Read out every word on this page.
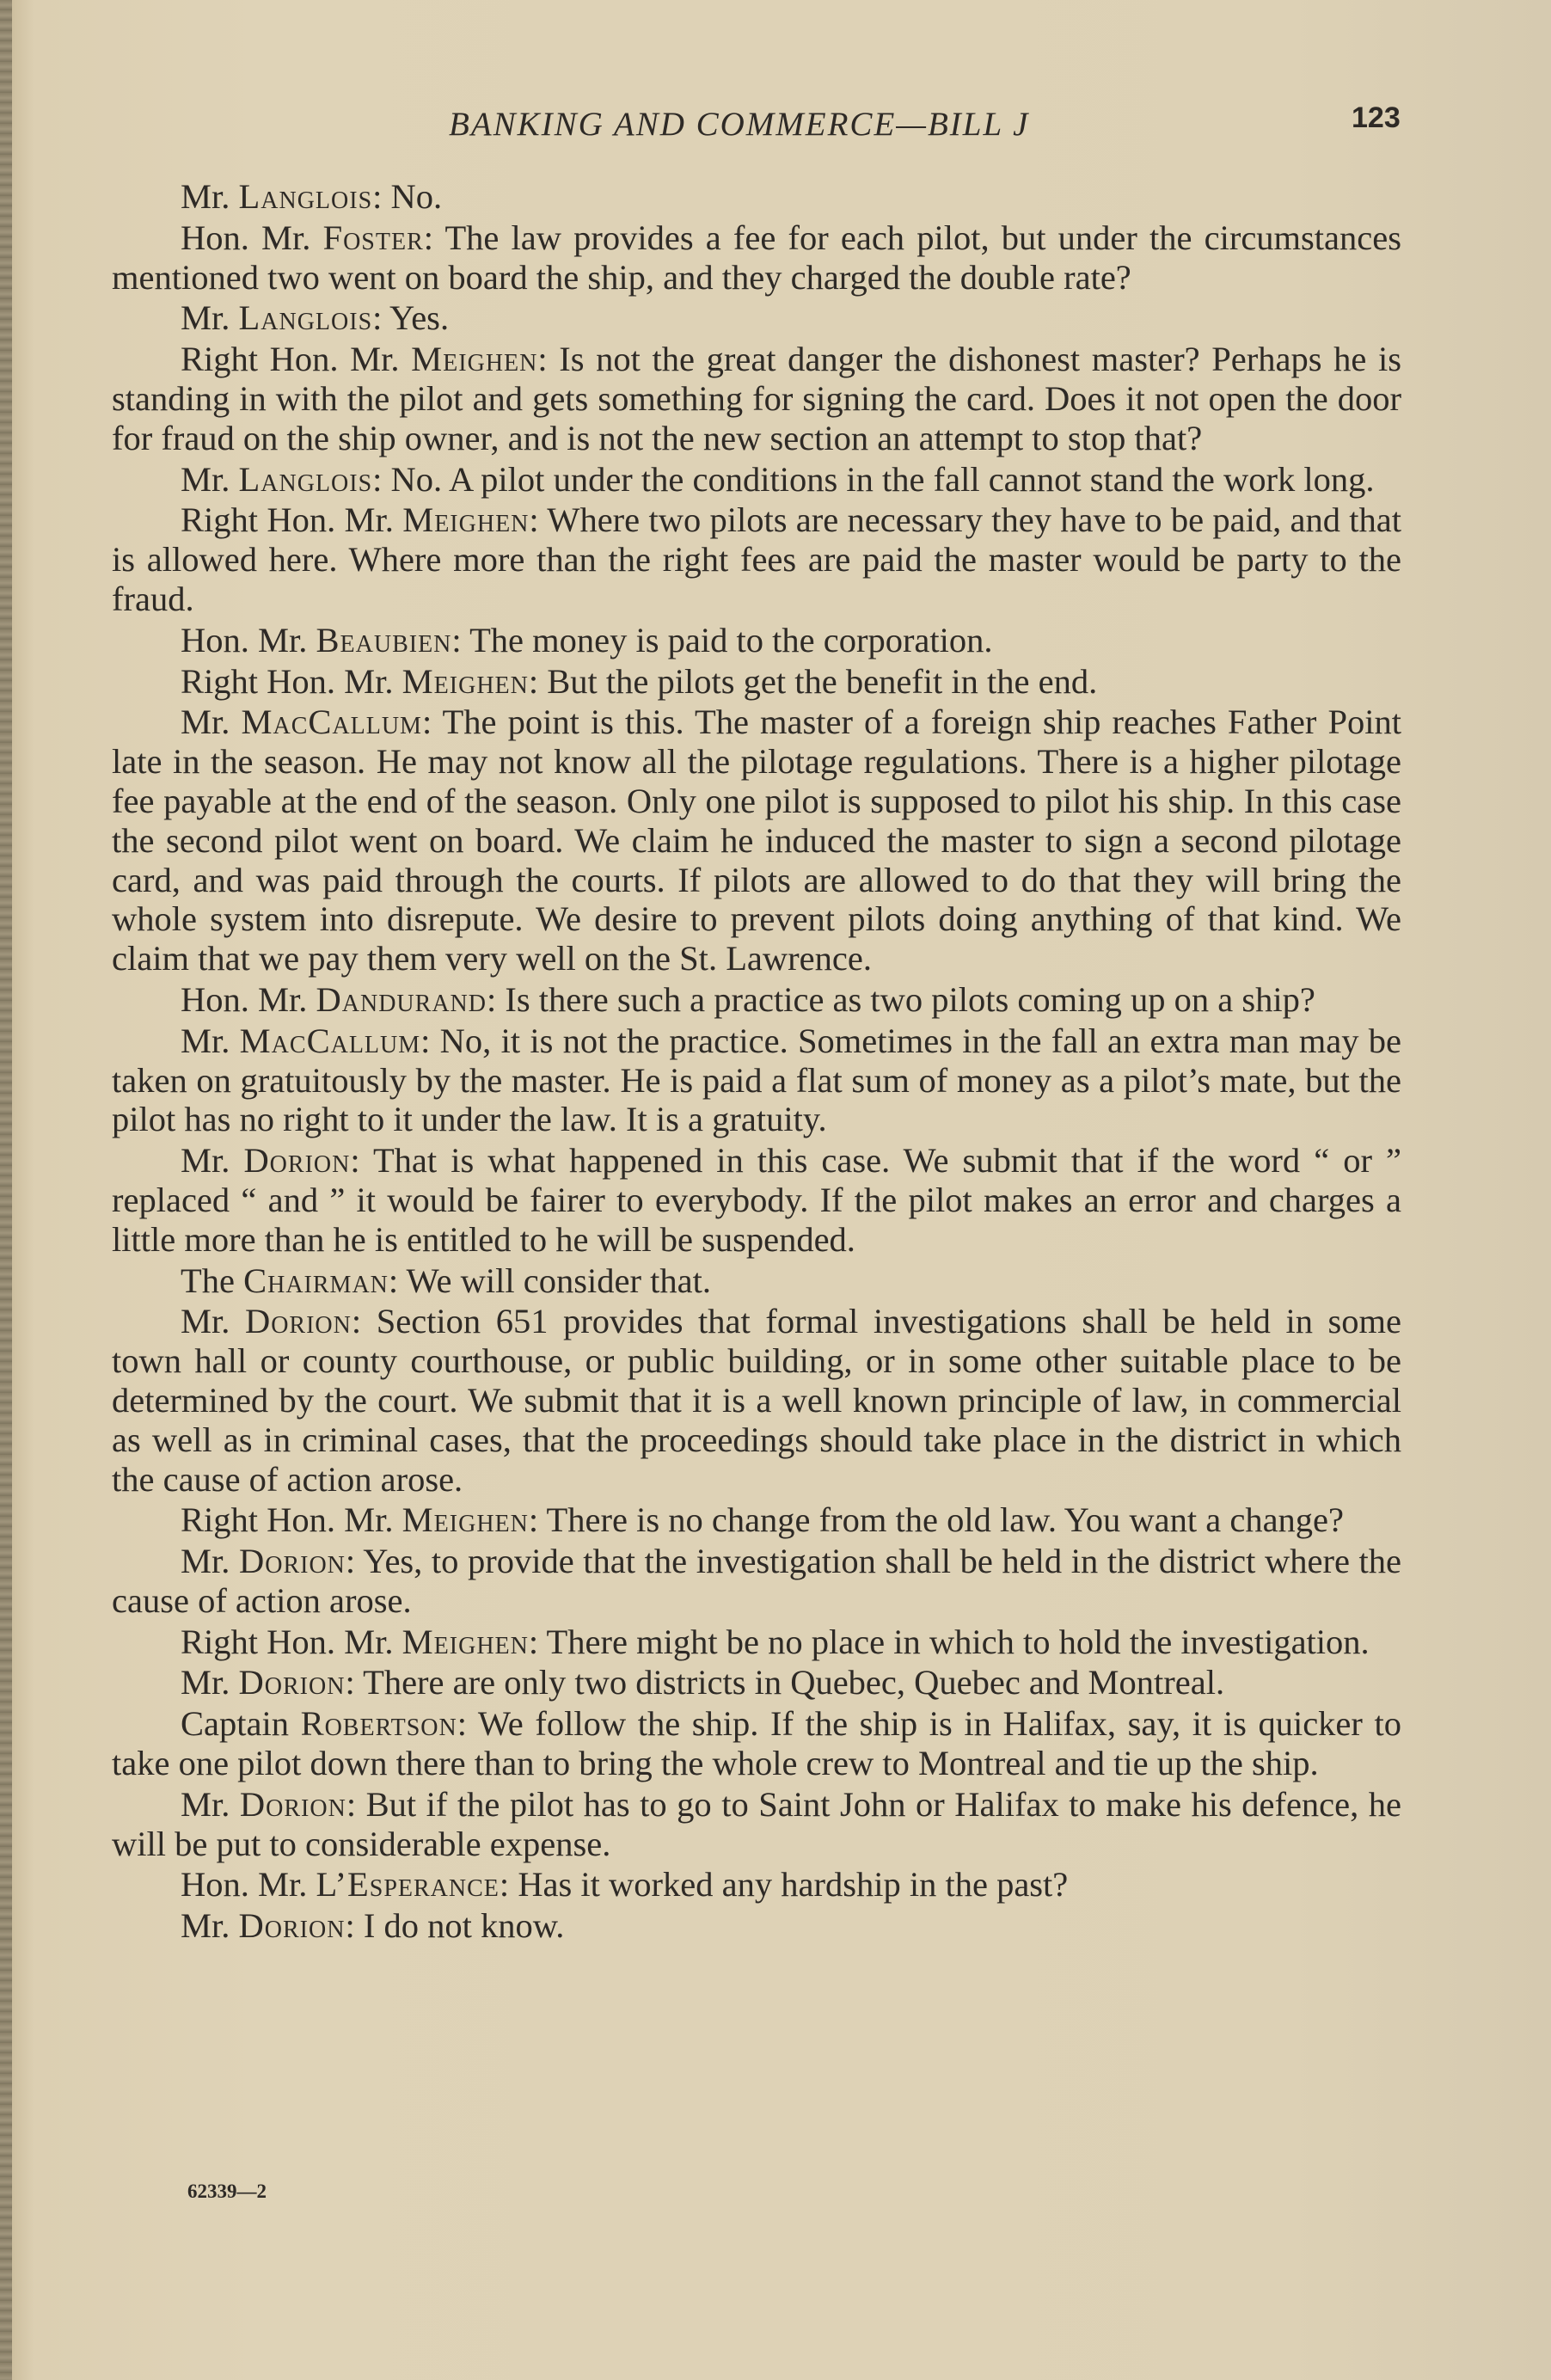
BANKING AND COMMERCE—BILL J	123

Mr. Langlois: No.

Hon. Mr. Foster: The law provides a fee for each pilot, but under the circumstances mentioned two went on board the ship, and they charged the double rate?

Mr. Langlois: Yes.

Right Hon. Mr. Meighen: Is not the great danger the dishonest master? Perhaps he is standing in with the pilot and gets something for signing the card. Does it not open the door for fraud on the ship owner, and is not the new section an attempt to stop that?

Mr. Langlois: No. A pilot under the conditions in the fall cannot stand the work long.

Right Hon. Mr. Meighen: Where two pilots are necessary they have to be paid, and that is allowed here. Where more than the right fees are paid the master would be party to the fraud.

Hon. Mr. Beaubien: The money is paid to the corporation.

Right Hon. Mr. Meighen: But the pilots get the benefit in the end.

Mr. MacCallum: The point is this. The master of a foreign ship reaches Father Point late in the season. He may not know all the pilotage regulations. There is a higher pilotage fee payable at the end of the season. Only one pilot is supposed to pilot his ship. In this case the second pilot went on board. We claim he induced the master to sign a second pilotage card, and was paid through the courts. If pilots are allowed to do that they will bring the whole system into disrepute. We desire to prevent pilots doing anything of that kind. We claim that we pay them very well on the St. Lawrence.

Hon. Mr. Dandurand: Is there such a practice as two pilots coming up on a ship?

Mr. MacCallum: No, it is not the practice. Sometimes in the fall an extra man may be taken on gratuitously by the master. He is paid a flat sum of money as a pilot’s mate, but the pilot has no right to it under the law. It is a gratuity.

Mr. Dorion: That is what happened in this case. We submit that if the word “ or ” replaced “ and ” it would be fairer to everybody. If the pilot makes an error and charges a little more than he is entitled to he will be suspended.

The Chairman: We will consider that.

Mr. Dorion: Section 651 provides that formal investigations shall be held in some town hall or county courthouse, or public building, or in some other suitable place to be determined by the court. We submit that it is a well known principle of law, in commercial as well as in criminal cases, that the proceedings should take place in the district in which the cause of action arose.

Right Hon. Mr. Meighen: There is no change from the old law. You want a change?

Mr. Dorion: Yes, to provide that the investigation shall be held in the district where the cause of action arose.

Right Hon. Mr. Meighen: There might be no place in which to hold the investigation.

Mr. Dorion: There are only two districts in Quebec, Quebec and Montreal.

Captain Robertson: We follow the ship. If the ship is in Halifax, say, it is quicker to take one pilot down there than to bring the whole crew to Montreal and tie up the ship.

Mr. Dorion: But if the pilot has to go to Saint John or Halifax to make his defence, he will be put to considerable expense.

Hon. Mr. L’Esperance: Has it worked any hardship in the past?

Mr. Dorion: I do not know.

62339—2
